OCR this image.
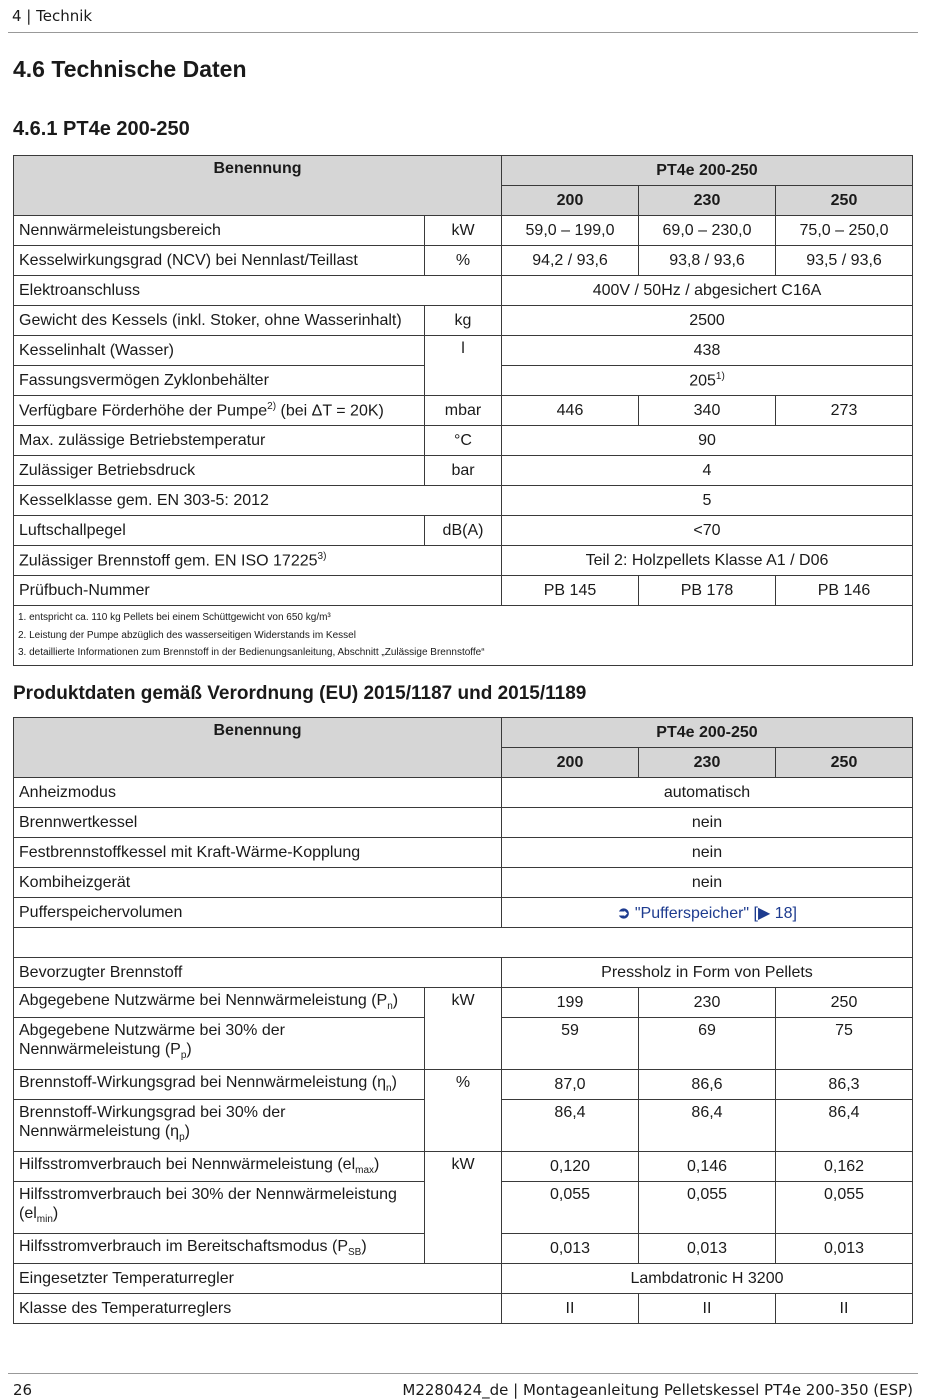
4 | Technik
4.6 Technische Daten
4.6.1 PT4e 200-250
Benennung		PT4e 200-250		
		200	230	250
Nennwärmeleistungsbereich	kW	59,0 – 199,0	69,0 – 230,0	75,0 – 250,0
Kesselwirkungsgrad (NCV) bei Nennlast/Teillast	%	94,2 / 93,6	93,8 / 93,6	93,5 / 93,6
Elektroanschluss		400V / 50Hz / abgesichert C16A		
Gewicht des Kessels (inkl. Stoker, ohne Wasserinhalt)	kg	2500		
Kesselinhalt (Wasser)	l	438		
Fassungsvermögen Zyklonbehälter		205$^{1)}$
Verfügbare Förderhöhe der Pumpe$^{2)}$ (bei ΔT = 20K)	mbar	446	340	273
Max. zulässige Betriebstemperatur	°C	90		
Zulässiger Betriebsdruck	bar	4		
Kesselklasse gem. EN 303-5: 2012		5		
Luftschallpegel	dB(A)	<70		
Zulässiger Brennstoff gem. EN ISO 17225$^{3)}$		Teil 2: Holzpellets Klasse A1 / D06		
Prüfbuch-Nummer		PB 145	PB 178	PB 146

1. entspricht ca. 110 kg Pellets bei einem Schüttgewicht von 650 kg/m³
2. Leistung der Pumpe abzüglich des wasserseitigen Widerstands im Kessel
3. detaillierte Informationen zum Brennstoff in der Bedienungsanleitung, Abschnitt „Zulässige Brennstoffe“				
Produktdaten gemäß Verordnung (EU) 2015/1187 und 2015/1189
Benennung		PT4e 200-250		
		200	230	250
Anheizmodus		automatisch		
Brennwertkessel		nein		
Festbrennstoffkessel mit Kraft-Wärme-Kopplung		nein		
Kombiheizgerät		nein		
Pufferspeichervolumen		➲ "Pufferspeicher" [▶ 18]		

Bevorzugter Brennstoff		Pressholz in Form von Pellets		
Abgegebene Nutzwärme bei Nennwärmeleistung $(P_n)$	kW	199	230	250
Abgegebene Nutzwärme bei 30% der
Nennwärmeleistung $(P_p)$		59	69	75
Brennstoff-Wirkungsgrad bei Nennwärmeleistung $(\eta_n)$	%	87,0	86,6	86,3
Brennstoff-Wirkungsgrad bei 30% der
Nennwärmeleistung $(\eta_p)$		86,4	86,4	86,4
Hilfsstromverbrauch bei Nennwärmeleistung $(el_{max})$	kW	0,120	0,146	0,162
Hilfsstromverbrauch bei 30% der Nennwärmeleistung
$(el_{min})$		0,055	0,055	0,055
Hilfsstromverbrauch im Bereitschaftsmodus $(P_{SB})$		0,013	0,013	0,013
Eingesetzter Temperaturregler		Lambdatronic H 3200		
Klasse des Temperaturreglers		II	II	II
26	M2280424_de | Montageanleitung Pelletskessel PT4e 200-350 (ESP)
